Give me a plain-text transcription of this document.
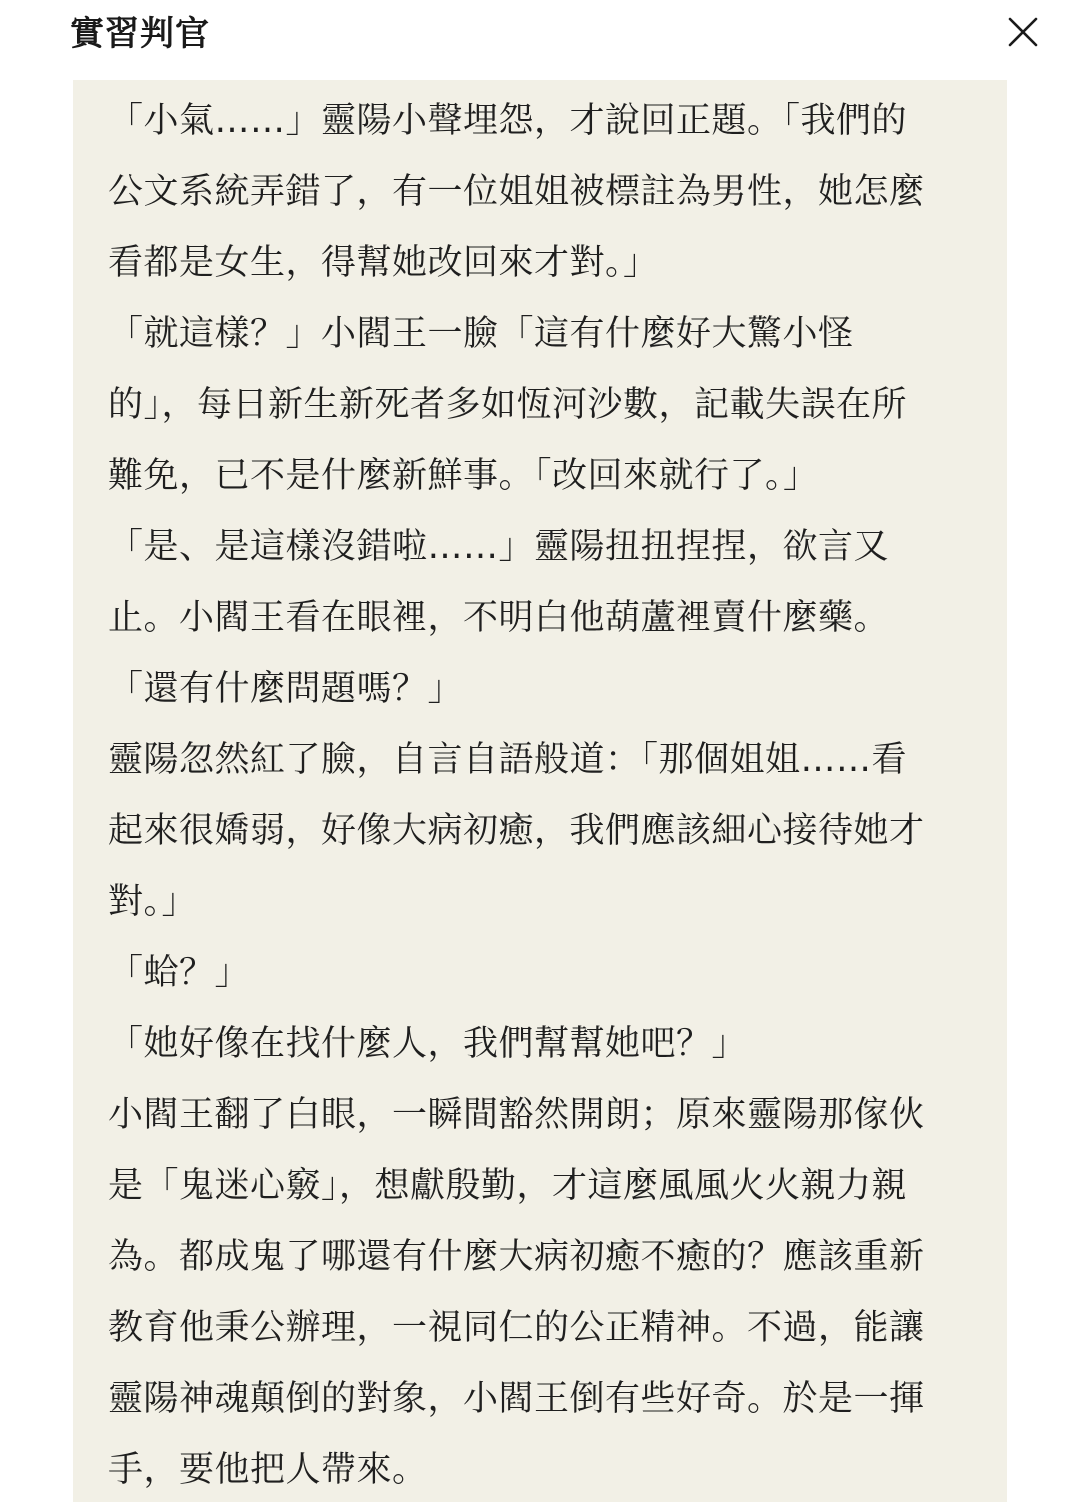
實習判官
「小氣……」靈陽小聲埋怨，才說回正題。「我們的
公文系統弄錯了，有一位姐姐被標註為男性，她怎麼
看都是女生，得幫她改回來才對。」
「就這樣？」小閻王一臉「這有什麼好大驚小怪
的」，每日新生新死者多如恆河沙數，記載失誤在所
難免，已不是什麼新鮮事。「改回來就行了。」
「是、是這樣沒錯啦……」靈陽扭扭捏捏，欲言又
止。小閻王看在眼裡，不明白他葫蘆裡賣什麼藥。
「還有什麼問題嗎？」
靈陽忽然紅了臉，自言自語般道：「那個姐姐……看
起來很嬌弱，好像大病初癒，我們應該細心接待她才
對。」
「蛤？」
「她好像在找什麼人，我們幫幫她吧？」
小閻王翻了白眼，一瞬間豁然開朗；原來靈陽那傢伙
是「鬼迷心竅」，想獻殷勤，才這麼風風火火親力親
為。都成鬼了哪還有什麼大病初癒不癒的？應該重新
教育他秉公辦理，一視同仁的公正精神。不過，能讓
靈陽神魂顛倒的對象，小閻王倒有些好奇。於是一揮
手，要他把人帶來。
